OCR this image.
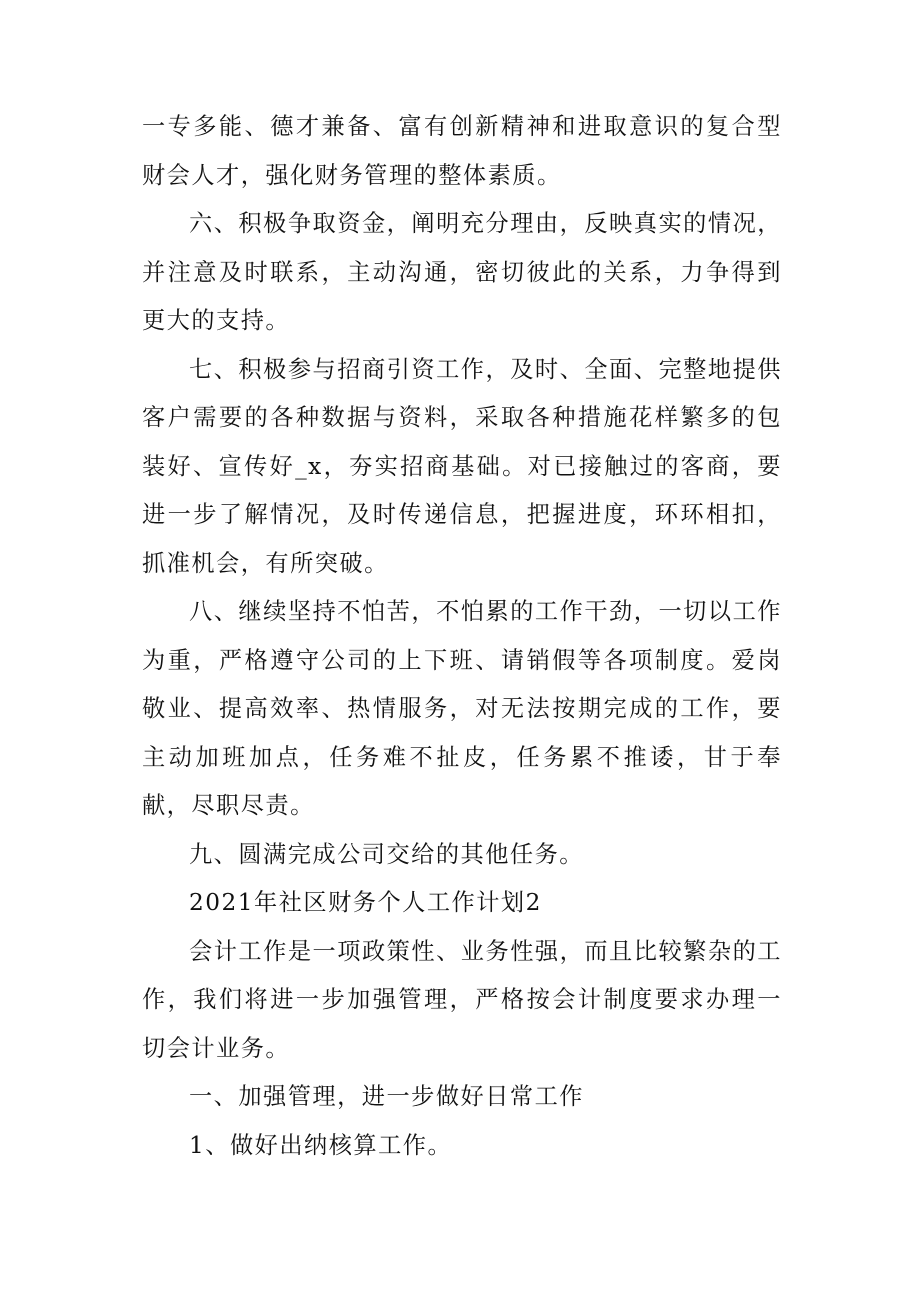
一专多能、德才兼备、富有创新精神和进取意识的复合型财会人才，强化财务管理的整体素质。

六、积极争取资金，阐明充分理由，反映真实的情况，并注意及时联系，主动沟通，密切彼此的关系，力争得到更大的支持。

七、积极参与招商引资工作，及时、全面、完整地提供客户需要的各种数据与资料，采取各种措施花样繁多的包装好、宣传好_x，夯实招商基础。对已接触过的客商，要进一步了解情况，及时传递信息，把握进度，环环相扣，抓准机会，有所突破。

八、继续坚持不怕苦，不怕累的工作干劲，一切以工作为重，严格遵守公司的上下班、请销假等各项制度。爱岗敬业、提高效率、热情服务，对无法按期完成的工作，要主动加班加点，任务难不扯皮，任务累不推诿，甘于奉献，尽职尽责。

九、圆满完成公司交给的其他任务。

2021年社区财务个人工作计划2

会计工作是一项政策性、业务性强，而且比较繁杂的工作，我们将进一步加强管理，严格按会计制度要求办理一切会计业务。

一、加强管理，进一步做好日常工作

1、做好出纳核算工作。
